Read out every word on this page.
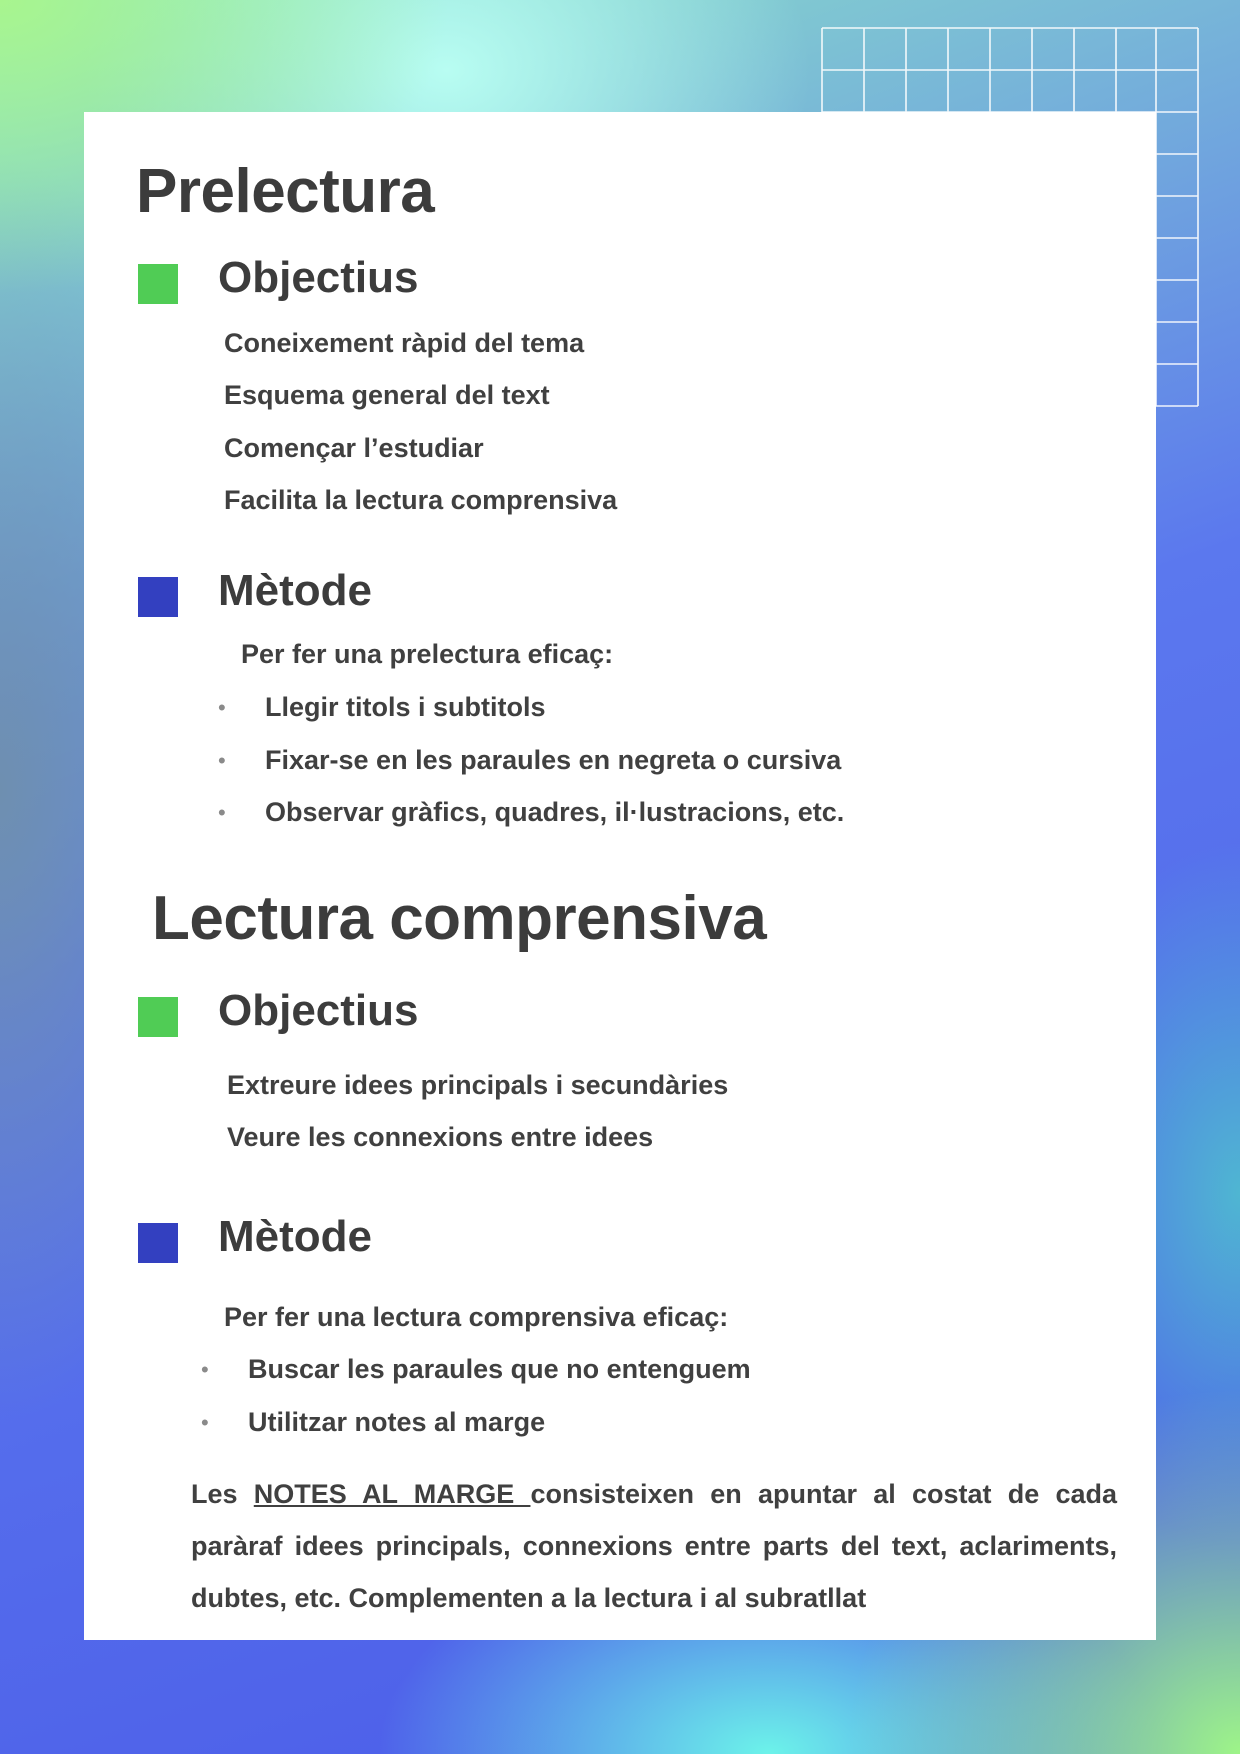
Prelectura
Objectius

Coneixement ràpid del tema

Esquema general del text

Començar l’estudiar

Facilita la lectura comprensiva

Mètode

Per fer una prelectura eficaç:

• Llegir titols i subtitols

• Fixar-se en les paraules en negreta o cursiva

• Observar gràfics, quadres, il·lustracions, etc.

Lectura comprensiva
Objectius

Extreure idees principals i secundàries

Veure les connexions entre idees

Mètode

Per fer una lectura comprensiva eficaç:

• Buscar les paraules que no entenguem

• Utilitzar notes al marge

Les NOTES AL MARGE consisteixen en apuntar al costat de cada paràraf idees principals, connexions entre parts del text, aclariments, dubtes, etc. Complementen a la lectura i al subratllat
